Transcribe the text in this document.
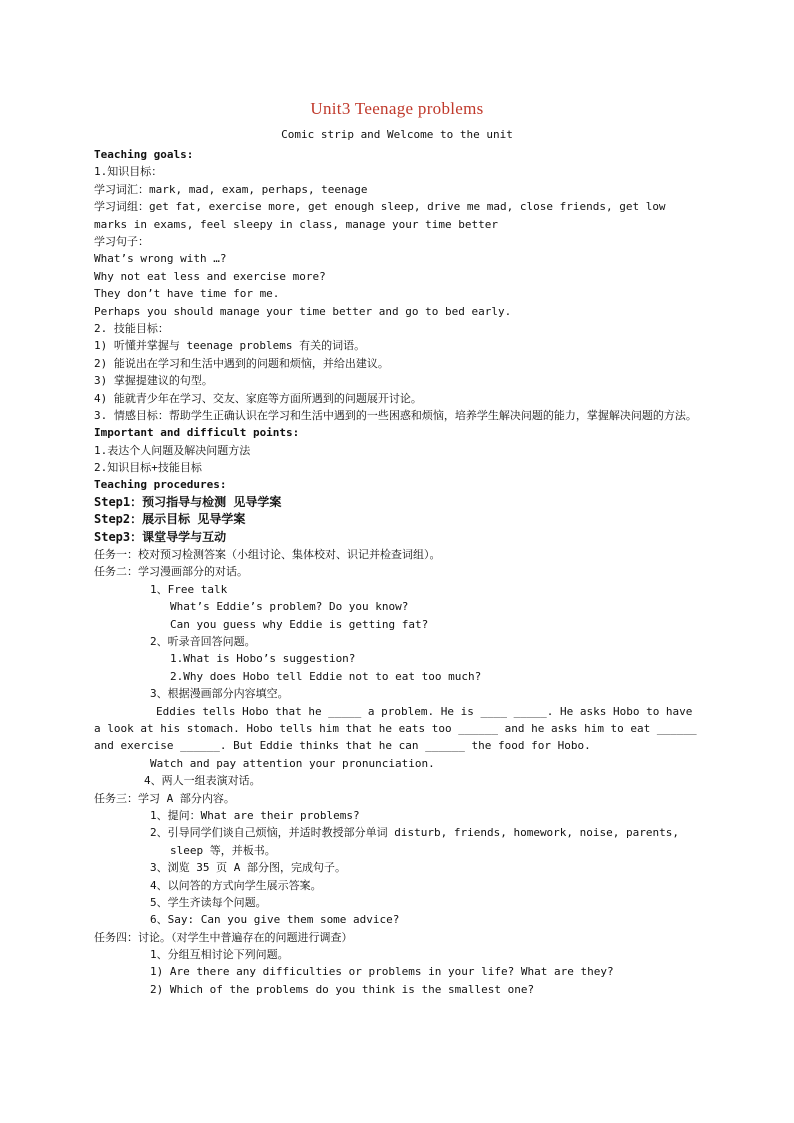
Unit3 Teenage problems
Comic strip and Welcome to the unit
Teaching goals:
1.知识目标：
学习词汇：mark, mad, exam, perhaps, teenage
学习词组：get fat, exercise more, get enough sleep, drive me mad, close friends, get low marks in exams, feel sleepy in class, manage your time better
学习句子：
What’s wrong with …?
Why not eat less and exercise more?
They don’t have time for me.
Perhaps you should manage your time better and go to bed early.
2. 技能目标：
1) 听懂并掌握与 teenage problems 有关的词语。
2) 能说出在学习和生活中遇到的问题和烦恼，并给出建议。
3) 掌握提建议的句型。
4) 能就青少年在学习、交友、家庭等方面所遇到的问题展开讨论。
3. 情感目标：帮助学生正确认识在学习和生活中遇到的一些困惑和烦恼，培养学生解决问题的能力，掌握解决问题的方法。
Important and difficult points:
1.表达个人问题及解决问题方法
2.知识目标+技能目标
Teaching procedures:
Step1：预习指导与检测 见导学案
Step2：展示目标 见导学案
Step3：课堂导学与互动
任务一：校对预习检测答案（小组讨论、集体校对、识记并检查词组）。
任务二：学习漫画部分的对话。
1、Free talk
What’s Eddie’s problem? Do you know?
Can you guess why Eddie is getting fat?
2、听录音回答问题。
1.What is Hobo’s suggestion?
2.Why does Hobo tell Eddie not to eat too much?
3、根据漫画部分内容填空。
Eddies tells Hobo that he _____ a problem. He is ____ _____. He asks Hobo to have a look at his stomach. Hobo tells him that he eats too ______ and he asks him to eat ______ and exercise ______. But Eddie thinks that he can ______ the food for Hobo.
Watch and pay attention your pronunciation.
4、两人一组表演对话。
任务三：学习 A 部分内容。
1、提问：What are their problems?
2、引导同学们谈自己烦恼，并适时教授部分单词 disturb, friends, homework, noise, parents, sleep 等，并板书。
3、浏览 35 页 A 部分图，完成句子。
4、以问答的方式向学生展示答案。
5、学生齐读每个问题。
6、Say: Can you give them some advice?
任务四：讨论。（对学生中普遍存在的问题进行调查）
1、分组互相讨论下列问题。
1) Are there any difficulties or problems in your life? What are they?
2) Which of the problems do you think is the smallest one?
